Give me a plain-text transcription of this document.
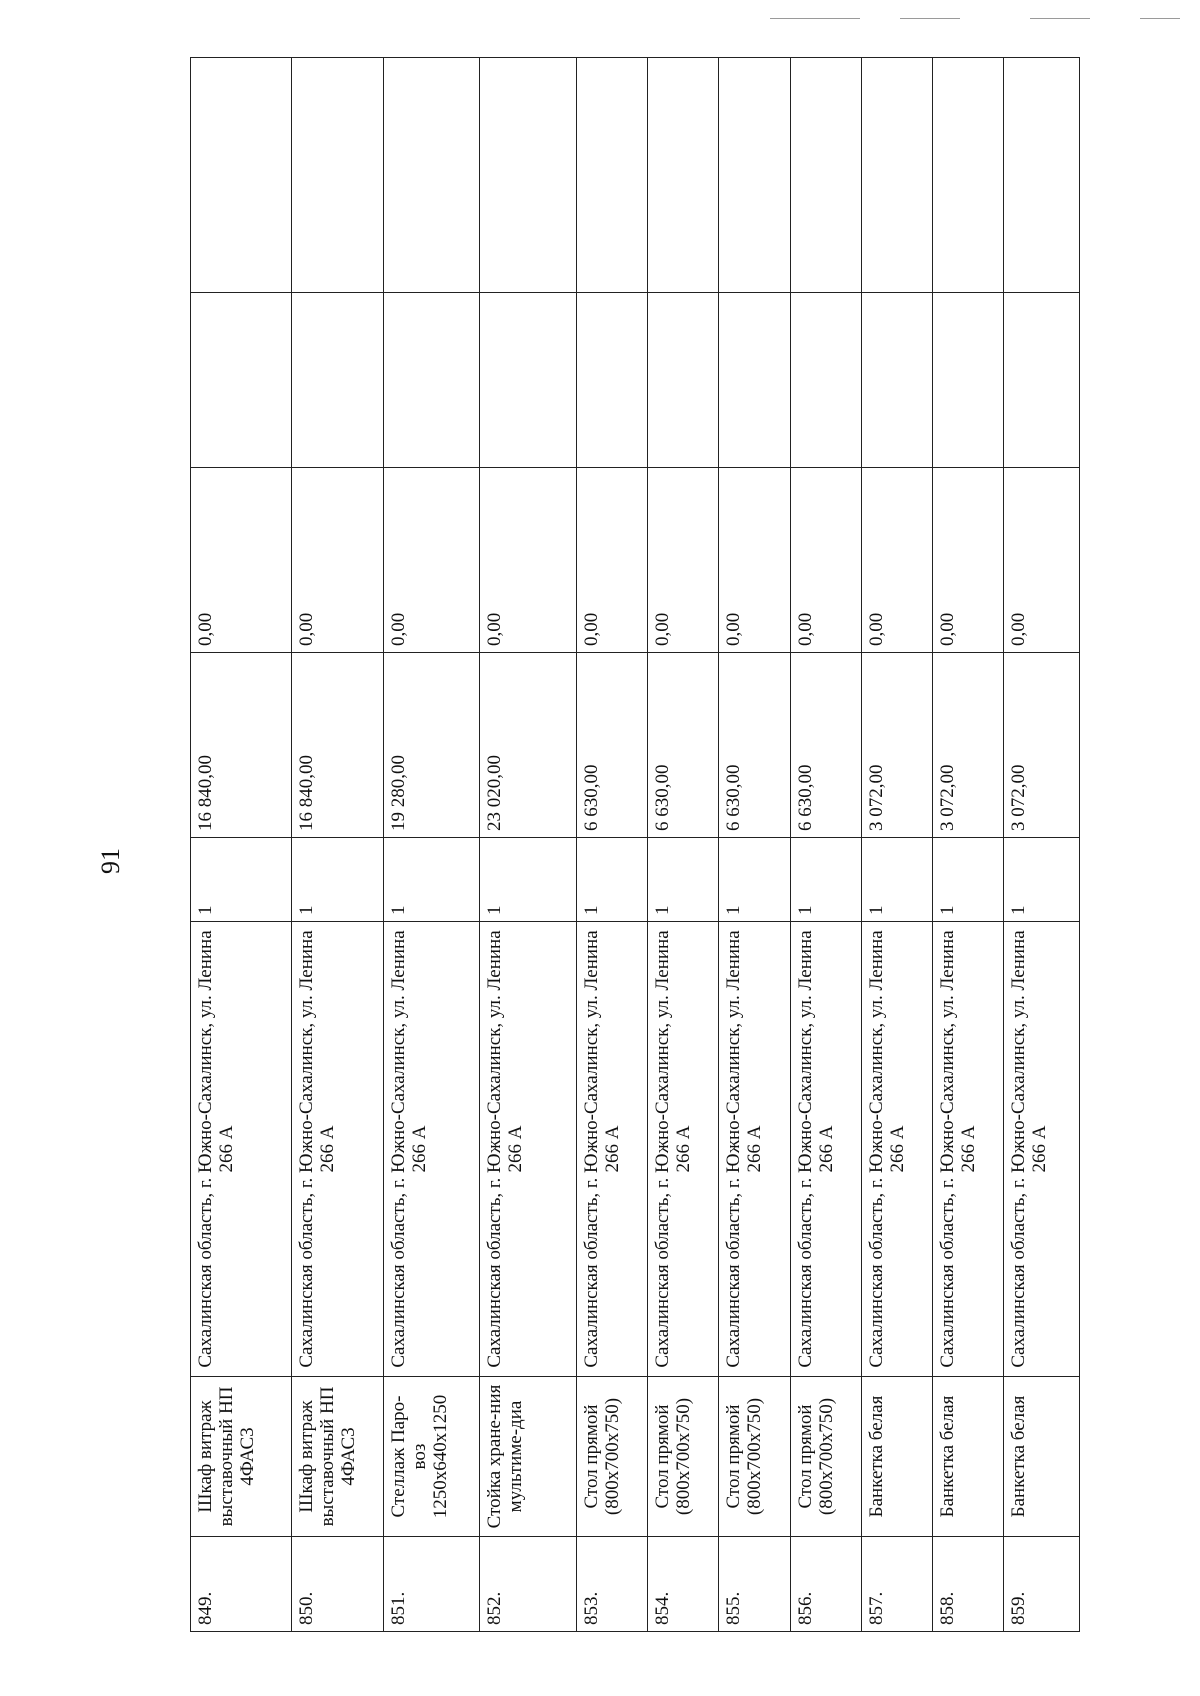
91
849.	Шкаф витраж выставочный НП 4ФАС3	Сахалинская область, г. Южно-Сахалинск, ул. Ленина 266 А	1	16 840,00	0,00		
850.	Шкаф витраж выставочный НП 4ФАС3	Сахалинская область, г. Южно-Сахалинск, ул. Ленина 266 А	1	16 840,00	0,00		
851.	Стеллаж Паро-воз 1250х640х1250	Сахалинская область, г. Южно-Сахалинск, ул. Ленина 266 А	1	19 280,00	0,00		
852.	Стойка хране-ния мультиме-диа	Сахалинская область, г. Южно-Сахалинск, ул. Ленина 266 А	1	23 020,00	0,00		
853.	Стол прямой (800х700х750)	Сахалинская область, г. Южно-Сахалинск, ул. Ленина 266 А	1	6 630,00	0,00		
854.	Стол прямой (800х700х750)	Сахалинская область, г. Южно-Сахалинск, ул. Ленина 266 А	1	6 630,00	0,00		
855.	Стол прямой (800х700х750)	Сахалинская область, г. Южно-Сахалинск, ул. Ленина 266 А	1	6 630,00	0,00		
856.	Стол прямой (800х700х750)	Сахалинская область, г. Южно-Сахалинск, ул. Ленина 266 А	1	6 630,00	0,00		
857.	Банкетка белая	Сахалинская область, г. Южно-Сахалинск, ул. Ленина 266 А	1	3 072,00	0,00		
858.	Банкетка белая	Сахалинская область, г. Южно-Сахалинск, ул. Ленина 266 А	1	3 072,00	0,00		
859.	Банкетка белая	Сахалинская область, г. Южно-Сахалинск, ул. Ленина 266 А	1	3 072,00	0,00		
